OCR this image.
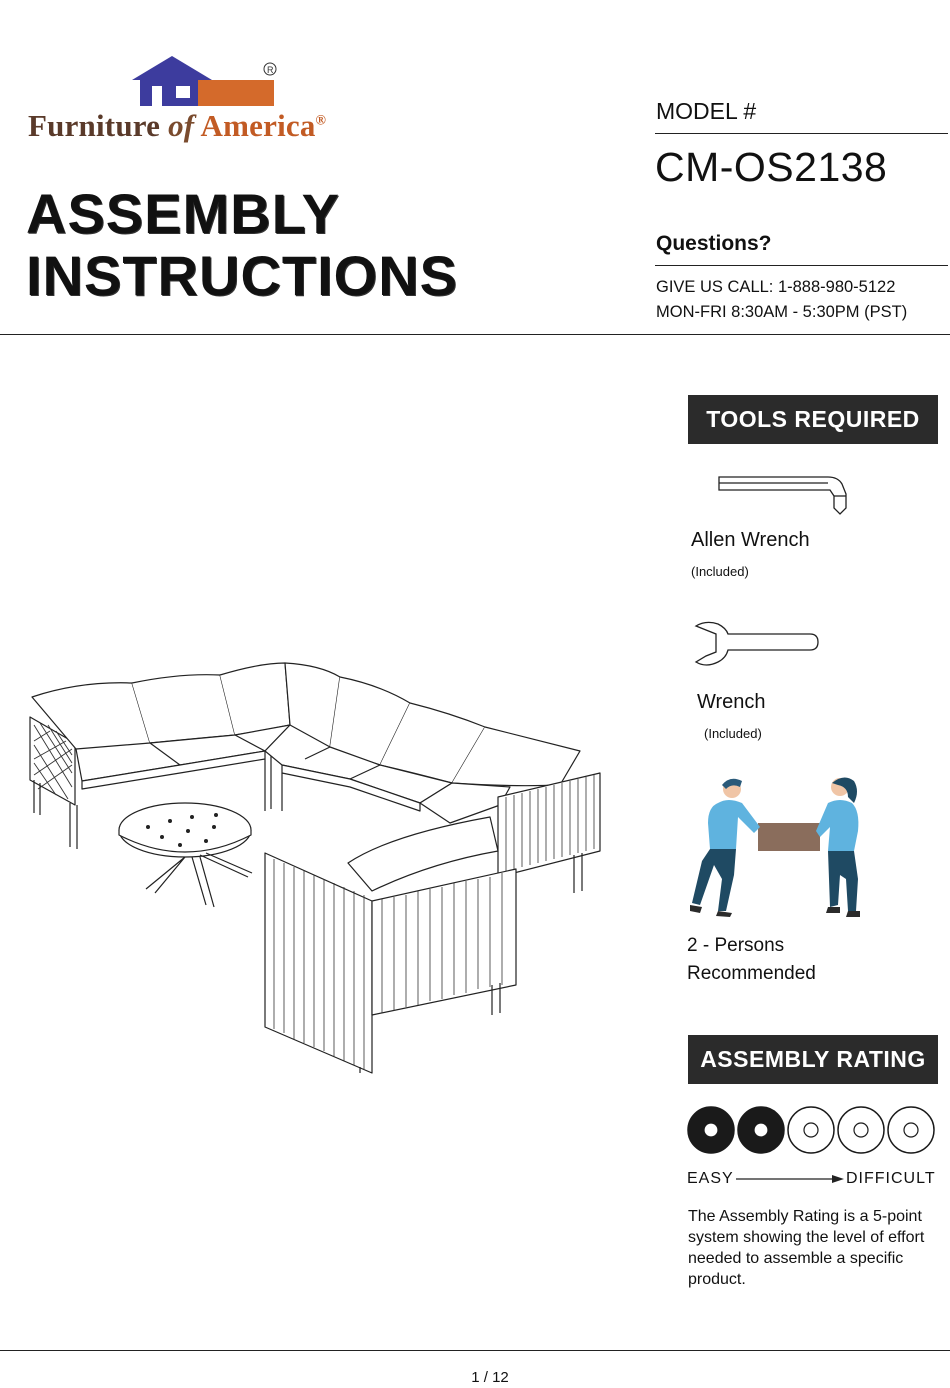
R
Furniture of America®
ASSEMBLY
INSTRUCTIONS
MODEL #
CM-OS2138
Questions?
GIVE US CALL: 1-888-980-5122
MON-FRI 8:30AM - 5:30PM (PST)
TOOLS REQUIRED
Allen Wrench
(Included)
Wrench
(Included)
2 - Persons
Recommended
ASSEMBLY RATING
EASY	DIFFICULT
The Assembly Rating is a 5-point system showing the level of effort needed to assemble a specific product.
1 / 12
